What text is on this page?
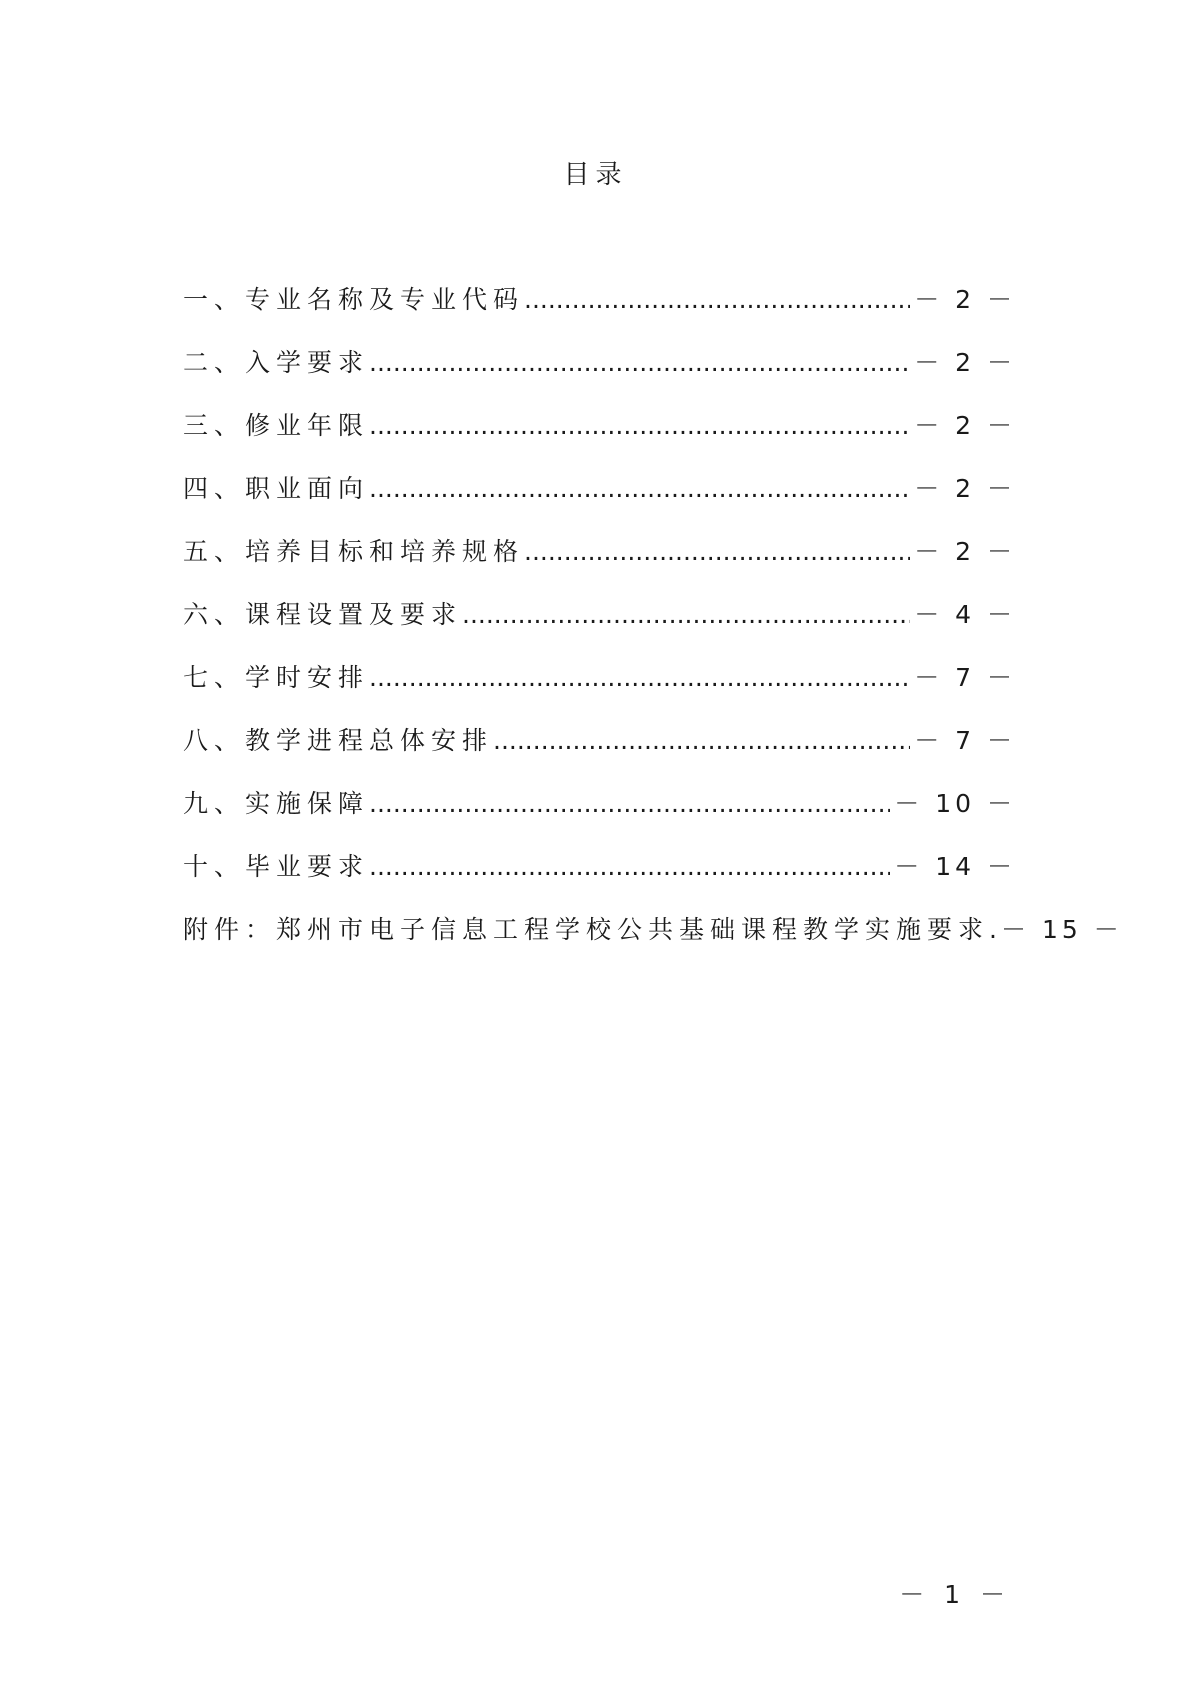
目录
一、专业名称及专业代码 .....	－ 2 －
二、入学要求 .....	－ 2 －
三、修业年限 .....	－ 2 －
四、职业面向 .....	－ 2 －
五、培养目标和培养规格 .....	－ 2 －
六、课程设置及要求 .....	－ 4 －
七、学时安排 .....	－ 7 －
八、教学进程总体安排 .....	－ 7 －
九、实施保障 .....	－ 10 －
十、毕业要求 .....	－ 14 －
附件：郑州市电子信息工程学校公共基础课程教学实施要求 ..... － 15 －
－ 1 －
